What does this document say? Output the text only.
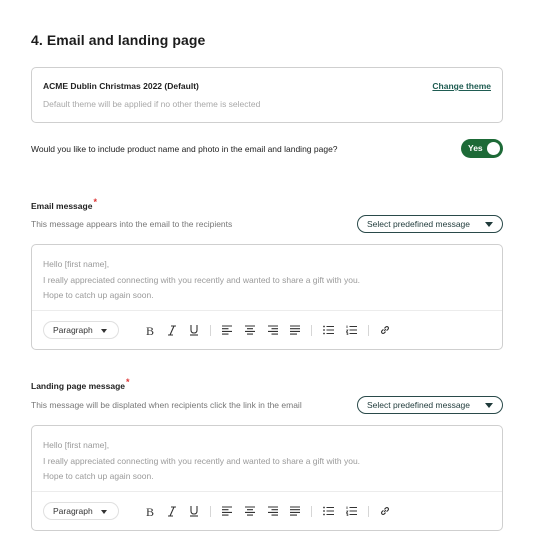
4. Email and landing page
ACME Dublin Christmas 2022 (Default)
Default theme will be applied if no other theme is selected
Change theme
Would you like to include product name and photo in the email and landing page?	Yes
Email message*
This message appears into the email to the recipients	Select predefined message
Hello [first name],
I really appreciated connecting with you recently and wanted to share a gift with you.
Hope to catch up again soon.
Paragraph	B
Landing page message*
This message will be displated when recipients click the link in the email	Select predefined message
Hello [first name],
I really appreciated connecting with you recently and wanted to share a gift with you.
Hope to catch up again soon.
Paragraph	B
